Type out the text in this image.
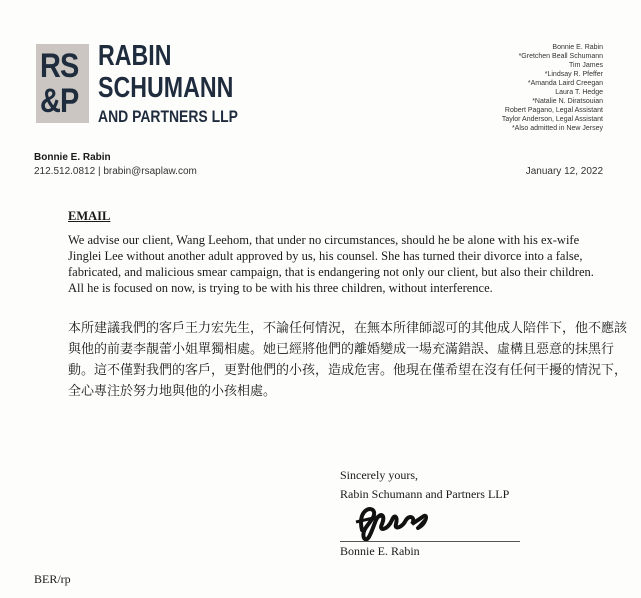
RS
&P
RABIN
SCHUMANN
AND PARTNERS LLP
Bonnie E. Rabin
*Gretchen Beall Schumann
Tim James
*Lindsay R. Pfeffer
*Amanda Laird Creegan
Laura T. Hedge
*Natalie N. Diratsouian
Robert Pagano, Legal Assistant
Taylor Anderson, Legal Assistant
*Also admitted in New Jersey
Bonnie E. Rabin
212.512.0812 | brabin@rsaplaw.com	January 12, 2022
EMAIL
We advise our client, Wang Leehom, that under no circumstances, should he be alone with his ex-wife Jinglei Lee without another adult approved by us, his counsel. She has turned their divorce into a false, fabricated, and malicious smear campaign, that is endangering not only our client, but also their children. All he is focused on now, is trying to be with his three children, without interference.
本所建議我們的客戶王力宏先生，不論任何情況，在無本所律師認可的其他成人陪伴下，他不應該與他的前妻李靚蕾小姐單獨相處。她已經將他們的離婚變成一場充滿錯誤、虛構且惡意的抹黑行動。這不僅對我們的客戶，更對他們的小孩，造成危害。他現在僅希望在沒有任何干擾的情況下，全心專注於努力地與他的小孩相處。
Sincerely yours,
Rabin Schumann and Partners LLP
Bonnie E. Rabin
BER/rp
